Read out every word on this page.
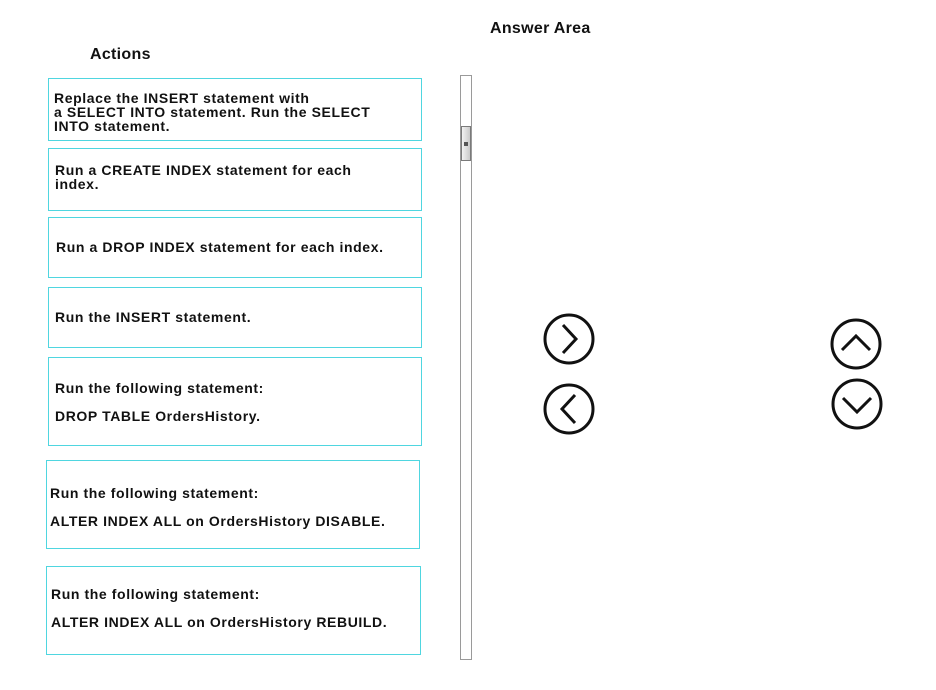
Answer Area
Actions
Replace the INSERT statement with
a SELECT INTO statement. Run the SELECT
INTO statement.
Run a CREATE INDEX statement for each
index.
Run a DROP INDEX statement for each index.
Run the INSERT statement.
Run the following statement:
DROP TABLE OrdersHistory.
Run the following statement:
ALTER INDEX ALL on OrdersHistory DISABLE.
Run the following statement:
ALTER INDEX ALL on OrdersHistory REBUILD.
